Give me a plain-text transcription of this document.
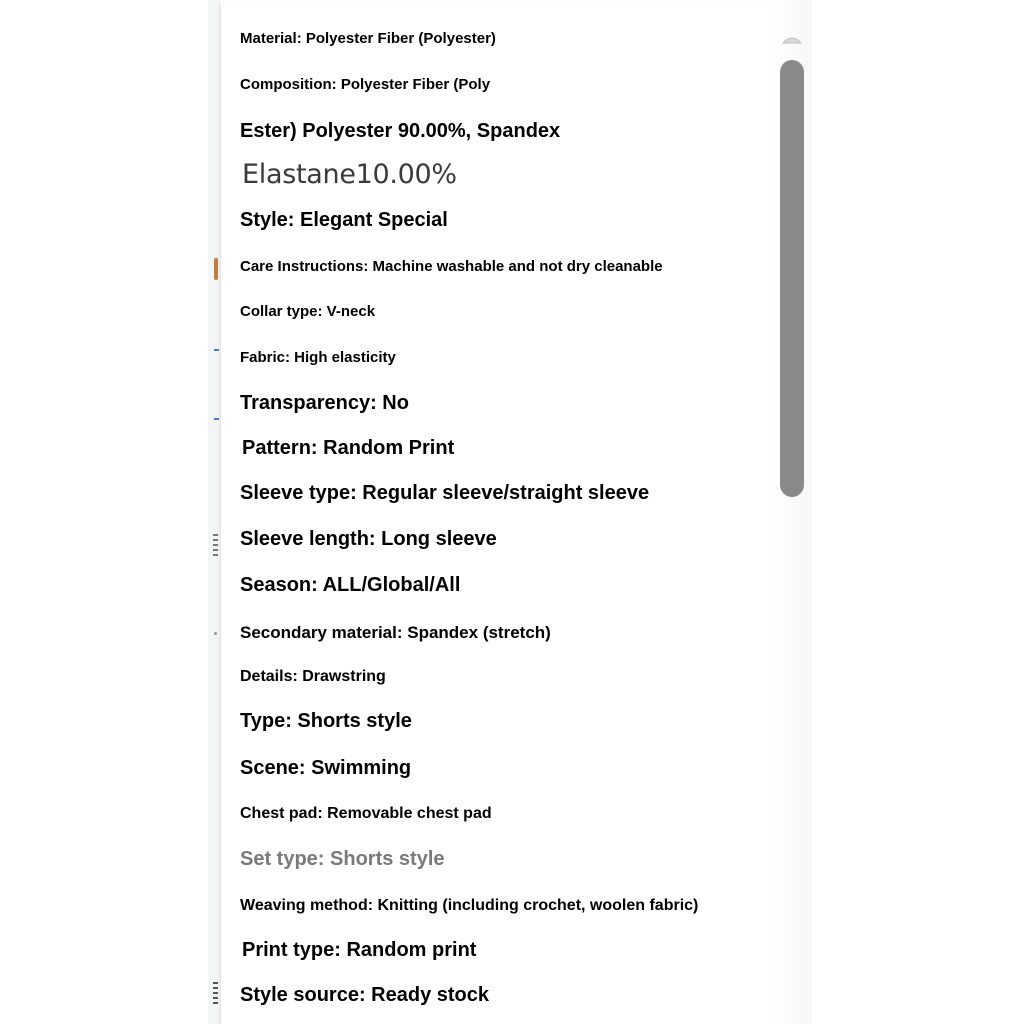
Material: Polyester Fiber (Polyester)
Composition: Polyester Fiber (Poly
Ester) Polyester 90.00%, Spandex
Elastane10.00%
Style: Elegant Special
Care Instructions: Machine washable and not dry cleanable
Collar type: V-neck
Fabric: High elasticity
Transparency: No
Pattern: Random Print
Sleeve type: Regular sleeve/straight sleeve
Sleeve length: Long sleeve
Season: ALL/Global/All
Secondary material: Spandex (stretch)
Details: Drawstring
Type: Shorts style
Scene: Swimming
Chest pad: Removable chest pad
Set type: Shorts style
Weaving method: Knitting (including crochet, woolen fabric)
Print type: Random print
Style source: Ready stock
